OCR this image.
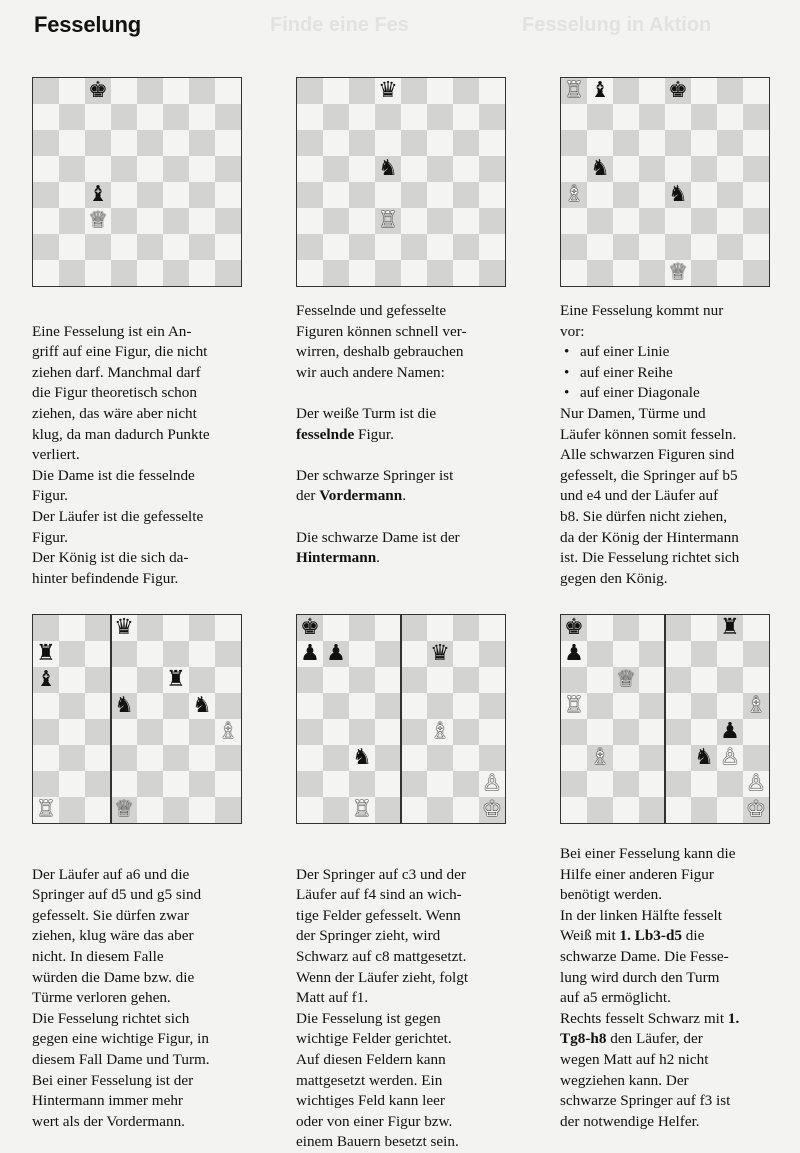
Fesselung	Finde eine Fes	Fesselung in Aktion
♚
♝
♕
♛
♞
♖
♖ ♝	♚
♞
♗	♞
♕
♛
♜
♝	♜
♞	♞
♗
♖	♕
♚
♟ ♟	♛
♗
♞
♙
♖	♔
♚	♜
♟
♕
♖	♗
♟
♗	♞ ♙
♙
♔

Eine Fesselung ist ein An-
griff auf eine Figur, die nicht
ziehen darf. Manchmal darf
die Figur theoretisch schon
ziehen, das wäre aber nicht
klug, da man dadurch Punkte
verliert.
Die Dame ist die fesselnde
Figur.
Der Läufer ist die gefesselte
Figur.
Der König ist die sich da-
hinter befindende Figur.

Fesselnde und gefesselte
Figuren können schnell ver-
wirren, deshalb gebrauchen
wir auch andere Namen:

Der weiße Turm ist die
fesselnde Figur.

Der schwarze Springer ist
der Vordermann.

Die schwarze Dame ist der
Hintermann.
Eine Fesselung kommt nur
vor:

• auf einer Linie
• auf einer Reihe
• auf einer Diagonale
Nur Damen, Türme und
Läufer können somit fesseln.
Alle schwarzen Figuren sind
gefesselt, die Springer auf b5
und e4 und der Läufer auf
b8. Sie dürfen nicht ziehen,
da der König der Hintermann
ist. Die Fesselung richtet sich
gegen den König.

Der Läufer auf a6 und die
Springer auf d5 und g5 sind
gefesselt. Sie dürfen zwar
ziehen, klug wäre das aber
nicht. In diesem Falle
würden die Dame bzw. die
Türme verloren gehen.
Die Fesselung richtet sich
gegen eine wichtige Figur, in
diesem Fall Dame und Turm.
Bei einer Fesselung ist der
Hintermann immer mehr
wert als der Vordermann.

Der Springer auf c3 und der
Läufer auf f4 sind an wich-
tige Felder gefesselt. Wenn
der Springer zieht, wird
Schwarz auf c8 mattgesetzt.
Wenn der Läufer zieht, folgt
Matt auf f1.
Die Fesselung ist gegen
wichtige Felder gerichtet.
Auf diesen Feldern kann
mattgesetzt werden. Ein
wichtiges Feld kann leer
oder von einer Figur bzw.
einem Bauern besetzt sein.

Bei einer Fesselung kann die
Hilfe einer anderen Figur
benötigt werden.
In der linken Hälfte fesselt
Weiß mit 1. Lb3-d5 die
schwarze Dame. Die Fesse-
lung wird durch den Turm
auf a5 ermöglicht.
Rechts fesselt Schwarz mit 1.
Tg8-h8 den Läufer, der
wegen Matt auf h2 nicht
wegziehen kann. Der
schwarze Springer auf f3 ist
der notwendige Helfer.
